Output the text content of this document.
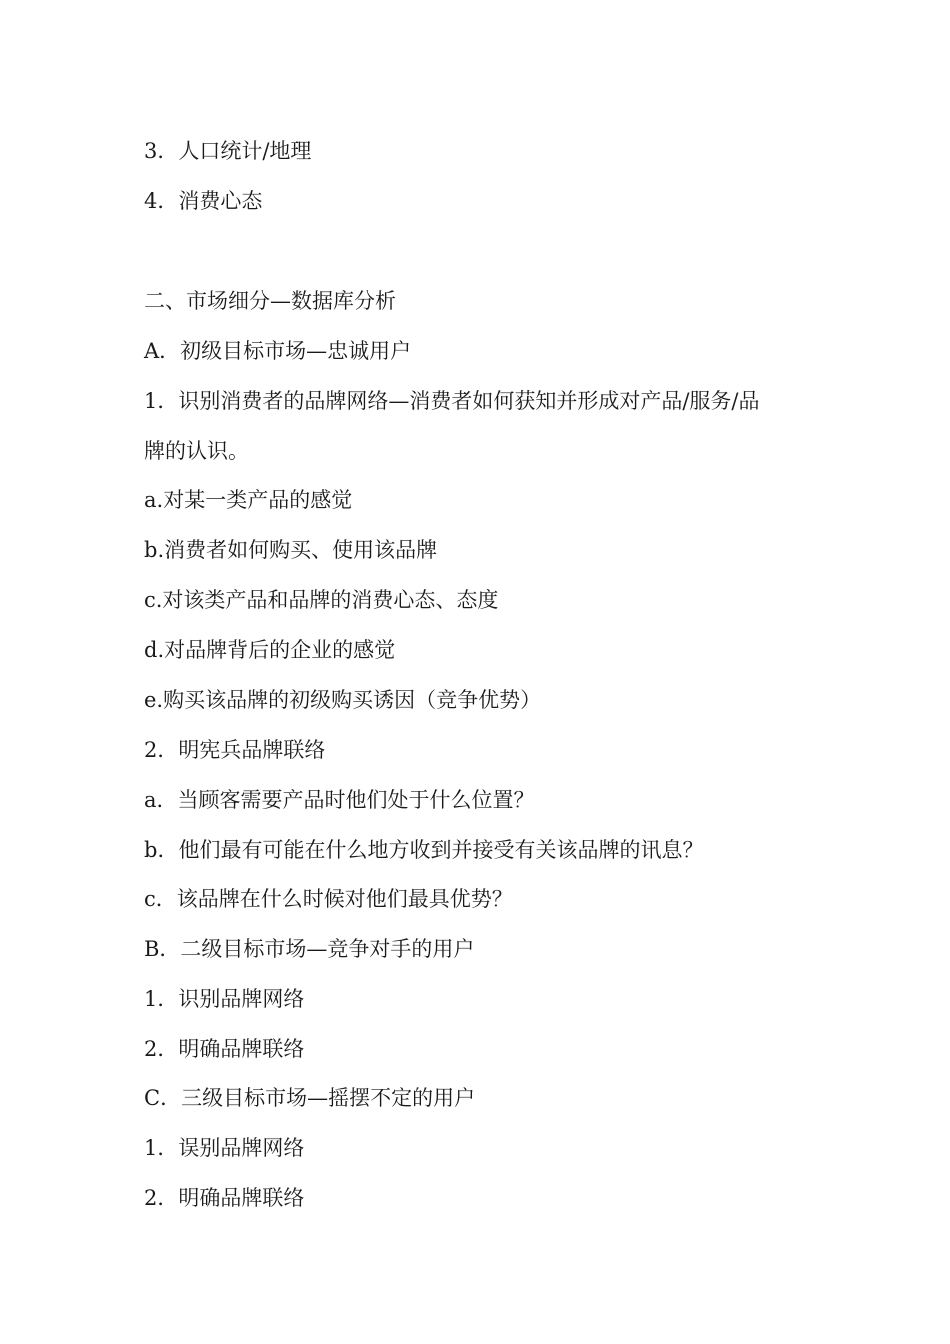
3．人口统计/地理
4．消费心态
二、市场细分—数据库分析
A．初级目标市场—忠诚用户
1．识别消费者的品牌网络—消费者如何获知并形成对产品/服务/品
牌的认识。
a.对某一类产品的感觉
b.消费者如何购买、使用该品牌
c.对该类产品和品牌的消费心态、态度
d.对品牌背后的企业的感觉
e.购买该品牌的初级购买诱因（竞争优势）
2．明宪兵品牌联络
a．当顾客需要产品时他们处于什么位置？
b．他们最有可能在什么地方收到并接受有关该品牌的讯息？
c．该品牌在什么时候对他们最具优势？
B．二级目标市场—竞争对手的用户
1．识别品牌网络
2．明确品牌联络
C．三级目标市场—摇摆不定的用户
1．误别品牌网络
2．明确品牌联络
